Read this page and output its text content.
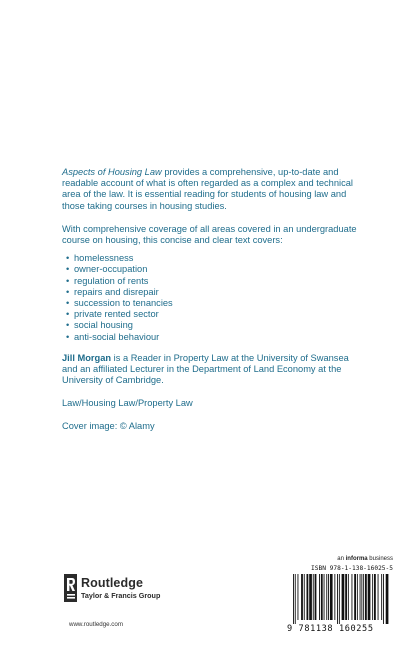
Aspects of Housing Law provides a comprehensive, up-to-date and readable account of what is often regarded as a complex and technical area of the law. It is essential reading for students of housing law and those taking courses in housing studies.

With comprehensive coverage of all areas covered in an undergraduate course on housing, this concise and clear text covers:

• homelessness
• owner-occupation
• regulation of rents
• repairs and disrepair
• succession to tenancies
• private rented sector
• social housing
• anti-social behaviour

Jill Morgan is a Reader in Property Law at the University of Swansea and an affiliated Lecturer in the Department of Land Economy at the University of Cambridge.

Law/Housing Law/Property Law

Cover image: © Alamy

Routledge
Taylor & Francis Group
www.routledge.com
an informa business
ISBN 978-1-138-16025-5
9 781138 160255
